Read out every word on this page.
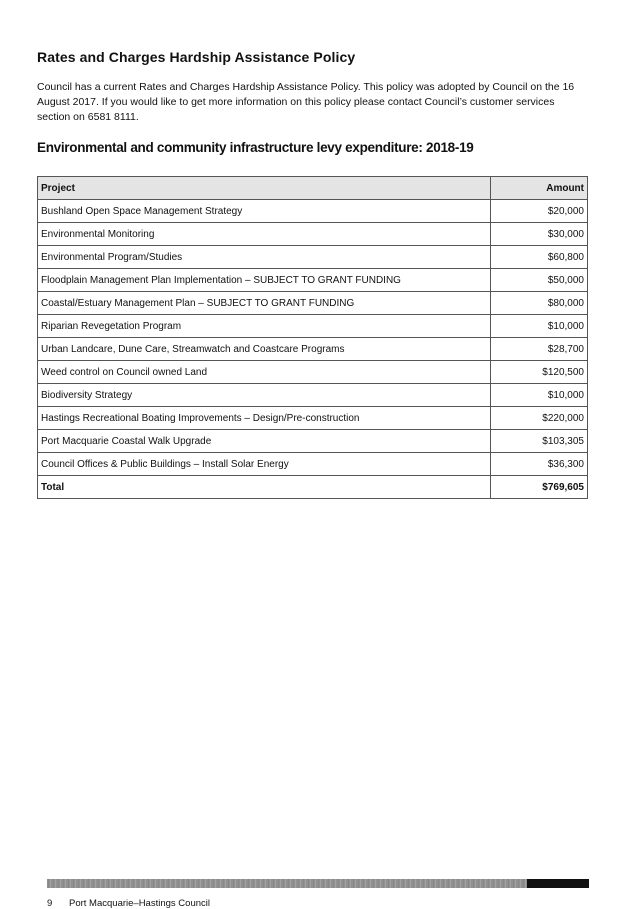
Rates and Charges Hardship Assistance Policy

Council has a current Rates and Charges Hardship Assistance Policy. This policy was adopted by Council on the 16 August 2017. If you would like to get more information on this policy please contact Council’s customer services section on 6581 8111.

Environmental and community infrastructure levy expenditure: 2018-19
Project	Amount
Bushland Open Space Management Strategy	$20,000
Environmental Monitoring	$30,000
Environmental Program/Studies	$60,800
Floodplain Management Plan Implementation – SUBJECT TO GRANT FUNDING	$50,000
Coastal/Estuary Management Plan – SUBJECT TO GRANT FUNDING	$80,000
Riparian Revegetation Program	$10,000
Urban Landcare, Dune Care, Streamwatch and Coastcare Programs	$28,700
Weed control on Council owned Land	$120,500
Biodiversity Strategy	$10,000
Hastings Recreational Boating Improvements – Design/Pre-construction	$220,000
Port Macquarie Coastal Walk Upgrade	$103,305
Council Offices & Public Buildings – Install Solar Energy	$36,300
Total	$769,605
9 Port Macquarie–Hastings Council
